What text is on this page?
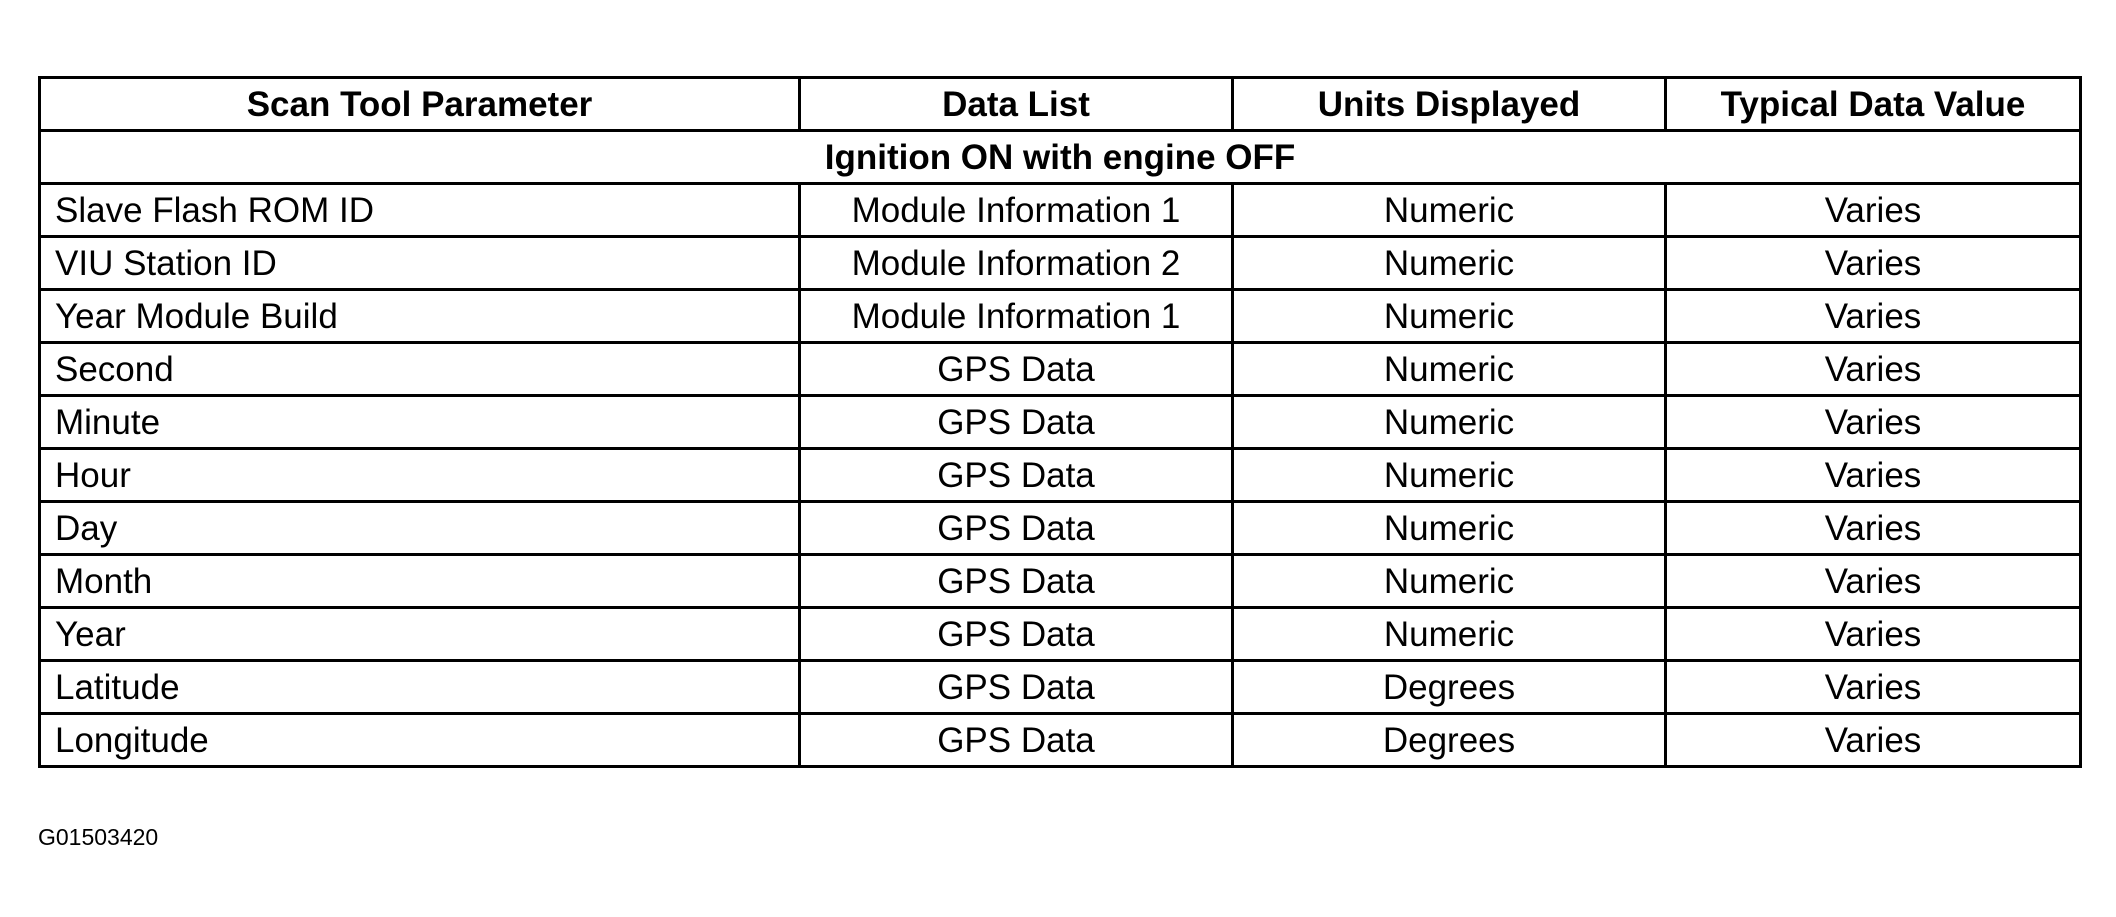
Scan Tool Parameter	Data List	Units Displayed	Typical Data Value
Ignition ON with engine OFF			
Slave Flash ROM ID	Module Information 1	Numeric	Varies
VIU Station ID	Module Information 2	Numeric	Varies
Year Module Build	Module Information 1	Numeric	Varies
Second	GPS Data	Numeric	Varies
Minute	GPS Data	Numeric	Varies
Hour	GPS Data	Numeric	Varies
Day	GPS Data	Numeric	Varies
Month	GPS Data	Numeric	Varies
Year	GPS Data	Numeric	Varies
Latitude	GPS Data	Degrees	Varies
Longitude	GPS Data	Degrees	Varies
G01503420
